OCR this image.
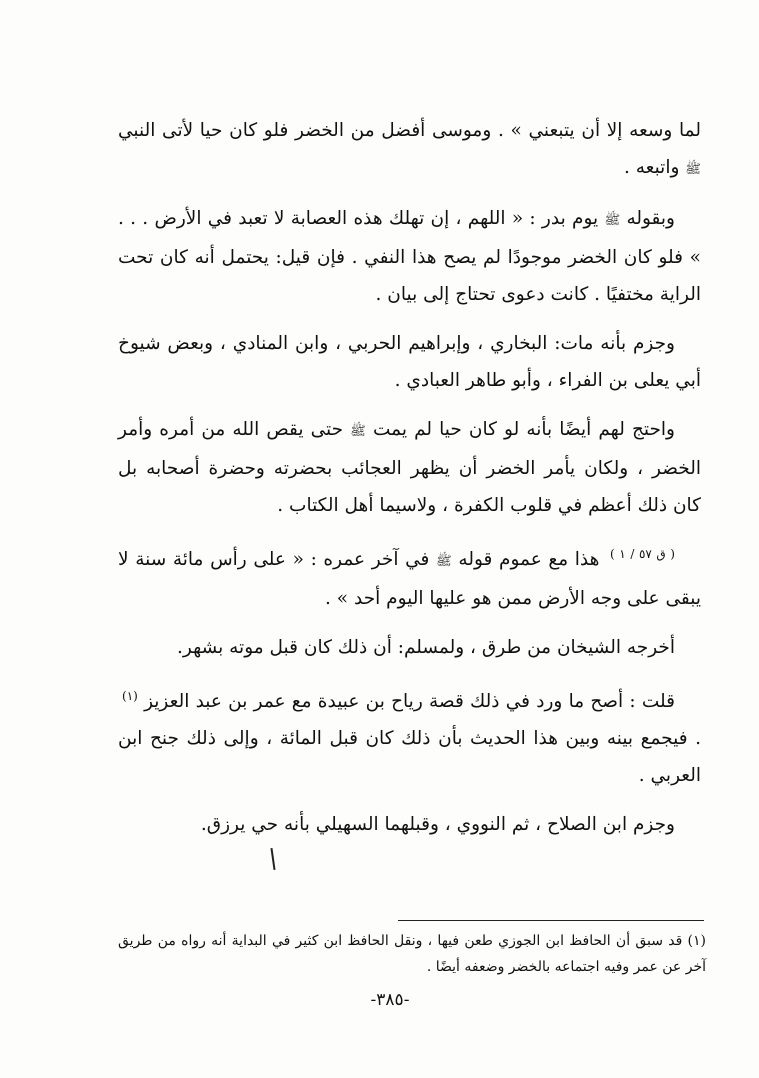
لما وسعه إلا أن يتبعني » . وموسى أفضل من الخضر فلو كان حيا لأتى النبي ﷺ واتبعه .

وبقوله ﷺ يوم بدر : « اللهم ، إن تهلك هذه العصابة لا تعبد في الأرض . . . » فلو كان الخضر موجودًا لم يصح هذا النفي . فإن قيل: يحتمل أنه كان تحت الراية مختفيًا . كانت دعوى تحتاج إلى بيان .

وجزم بأنه مات: البخاري ، وإبراهيم الحربي ، وابن المنادي ، وبعض شيوخ أبي يعلى بن الفراء ، وأبو طاهر العبادي .

واحتج لهم أيضًا بأنه لو كان حيا لم يمت ﷺ حتى يقص الله من أمره وأمر الخضر ، ولكان يأمر الخضر أن يظهر العجائب بحضرته وحضرة أصحابه بل كان ذلك أعظم في قلوب الكفرة ، ولاسيما أهل الكتاب .

$^{( ق ٥٧ / ١ )}$ هذا مع عموم قوله ﷺ في آخر عمره : « على رأس مائة سنة لا يبقى على وجه الأرض ممن هو عليها اليوم أحد » .

أخرجه الشيخان من طرق ، ولمسلم: أن ذلك كان قبل موته بشهر.

قلت : أصح ما ورد في ذلك قصة رياح بن عبيدة مع عمر بن عبد العزيز $^{(١)}$ . فيجمع بينه وبين هذا الحديث بأن ذلك كان قبل المائة ، وإلى ذلك جنح ابن العربي .

وجزم ابن الصلاح ، ثم النووي ، وقبلهما السهيلي بأنه حي يرزق.

(١) قد سبق أن الحافظ ابن الجوزي طعن فيها ، ونقل الحافظ ابن كثير في البداية أنه رواه من طريق آخر عن عمر وفيه اجتماعه بالخضر وضعفه أيضًا .
-٣٨٥-
